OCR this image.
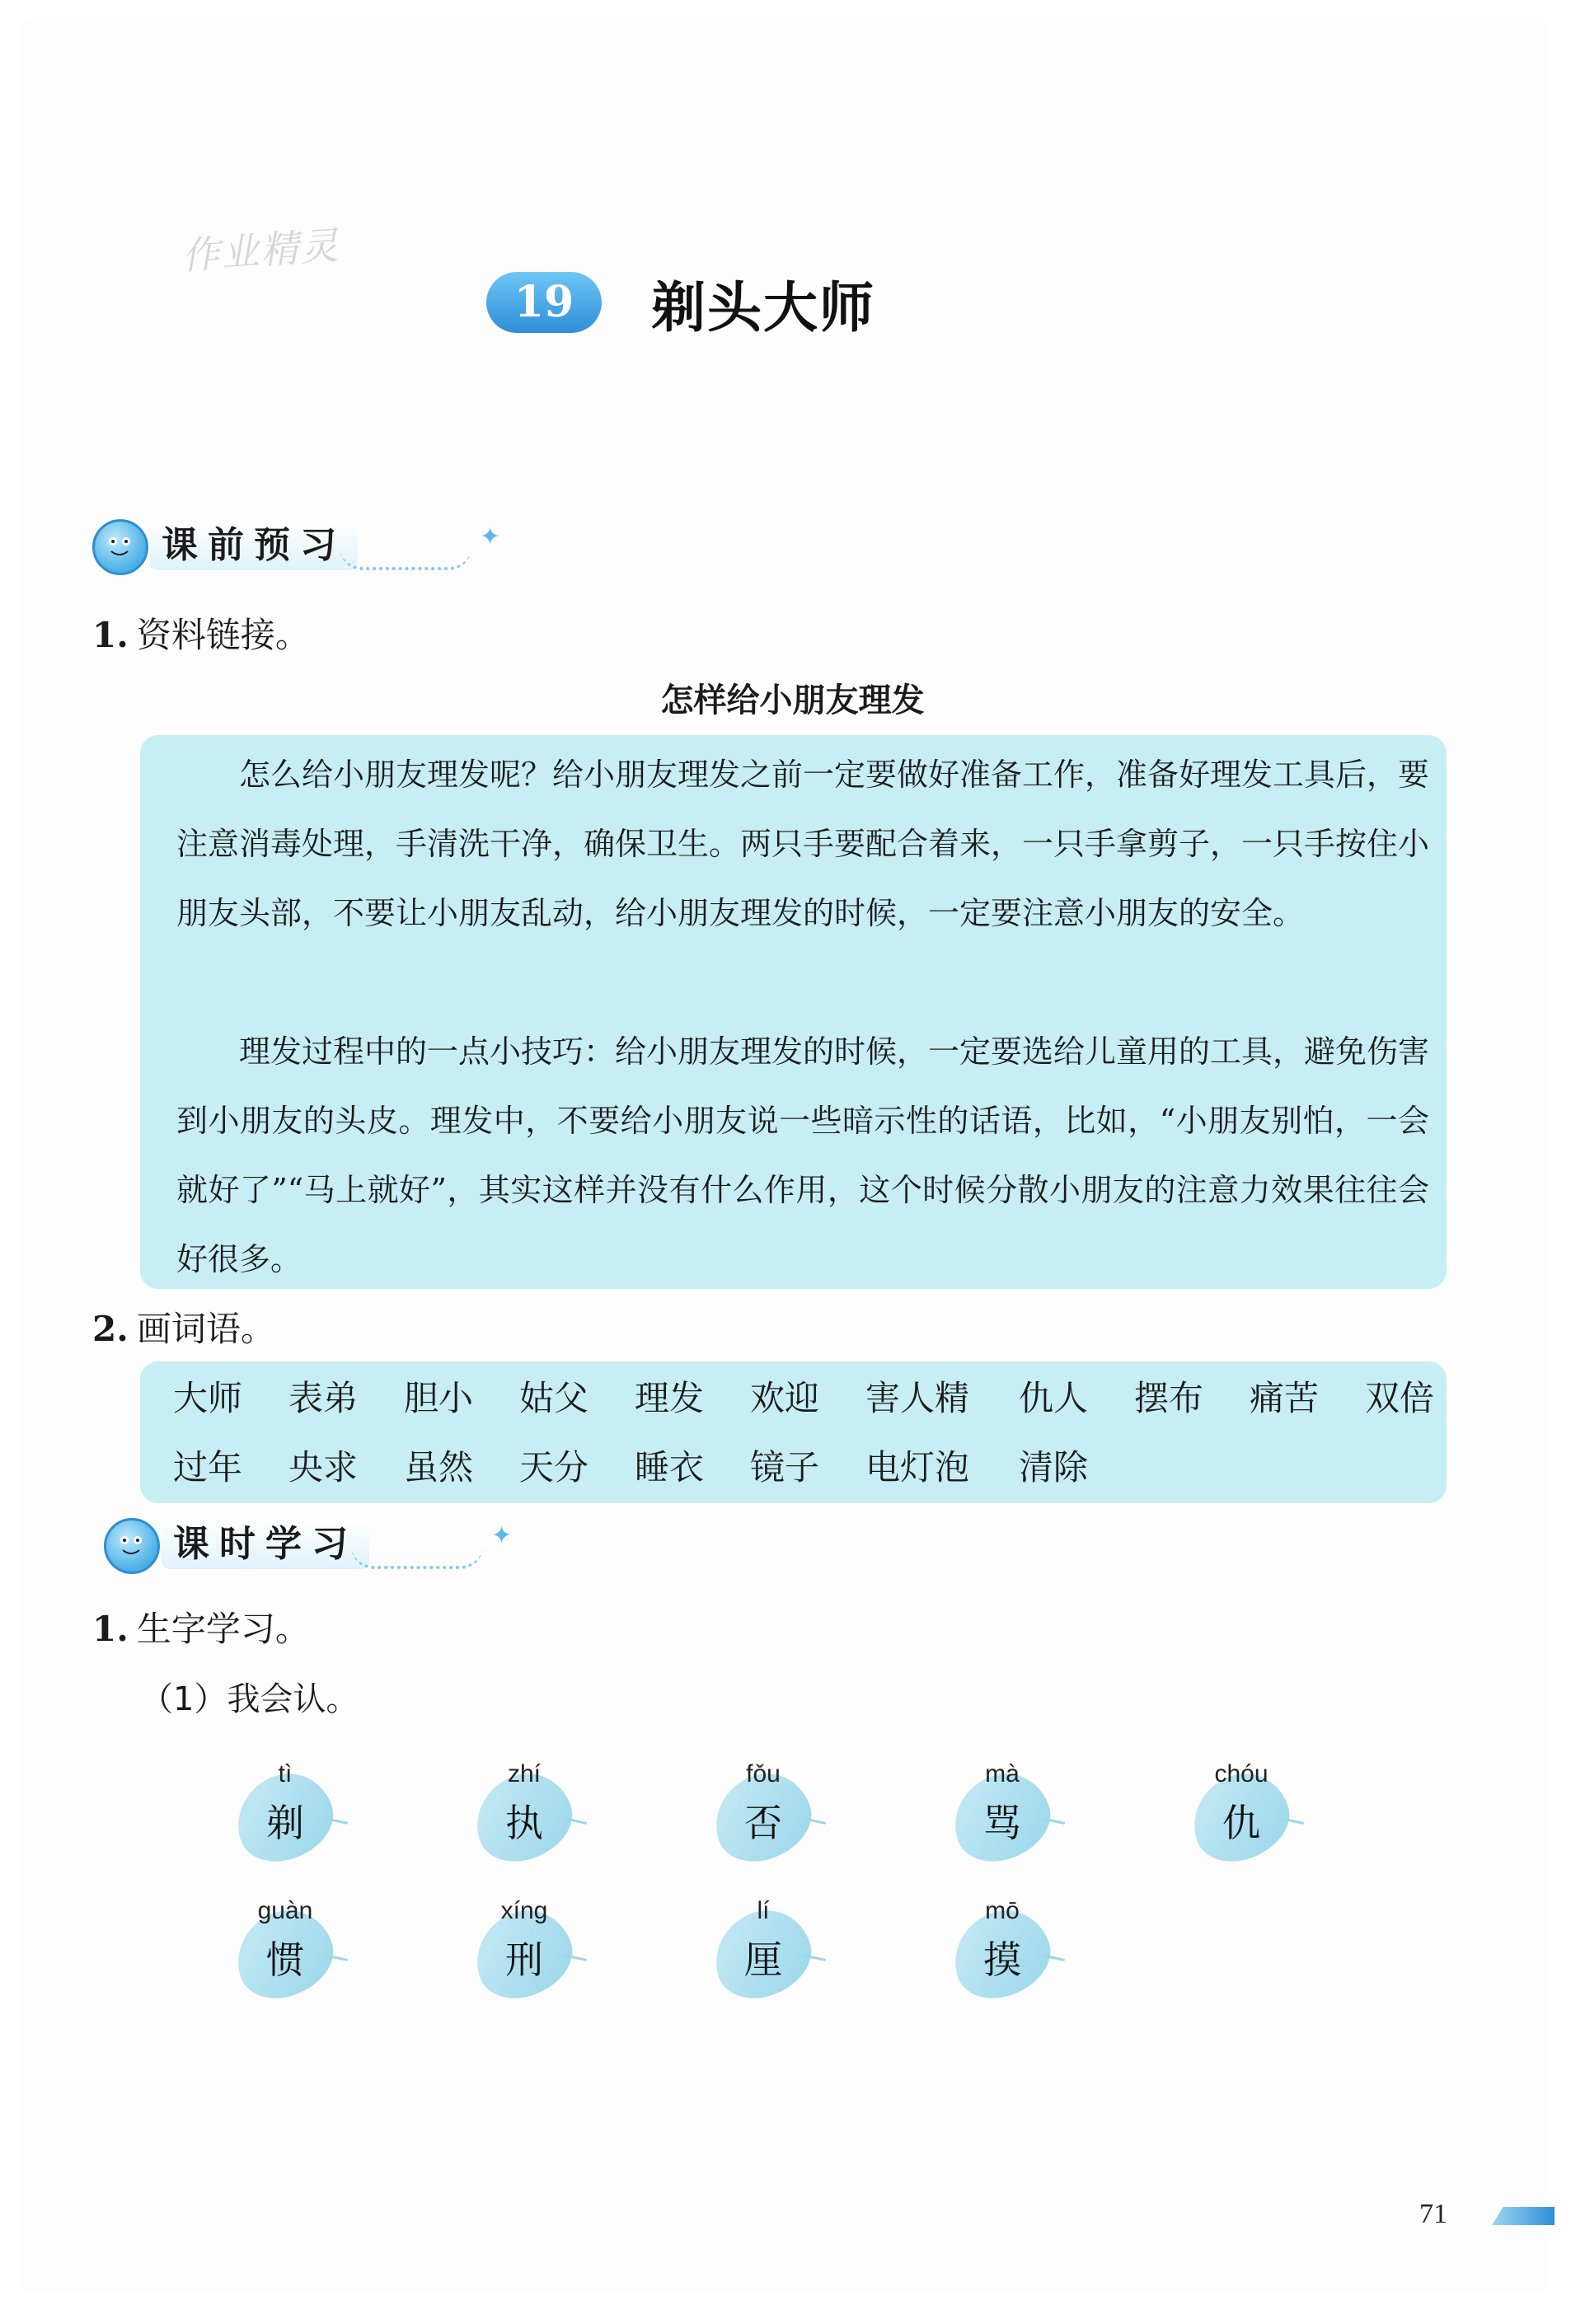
作业精灵
19	剃头大师
课前预习	✦
1. 资料链接。
怎样给小朋友理发

怎么给小朋友理发呢？给小朋友理发之前一定要做好准备工作，准备好理发工具后，要注意消毒处理，手清洗干净，确保卫生。两只手要配合着来，一只手拿剪子，一只手按住小朋友头部，不要让小朋友乱动，给小朋友理发的时候，一定要注意小朋友的安全。

理发过程中的一点小技巧：给小朋友理发的时候，一定要选给儿童用的工具，避免伤害到小朋友的头皮。理发中，不要给小朋友说一些暗示性的话语，比如，“小朋友别怕，一会就好了”“马上就好”，其实这样并没有什么作用，这个时候分散小朋友的注意力效果往往会好很多。

2. 画词语。
大师 表弟 胆小 姑父 理发 欢迎 害人精 仇人 摆布 痛苦 双倍
过年 央求 虽然 天分 睡衣 镜子 电灯泡 清除
课时学习	✦
1. 生字学习。
（1）我会认。
tì
剃
zhí
执
fǒu
否
mà
骂
chóu
仇
guàn
惯
xíng
刑
lí
厘
mō
摸
71
